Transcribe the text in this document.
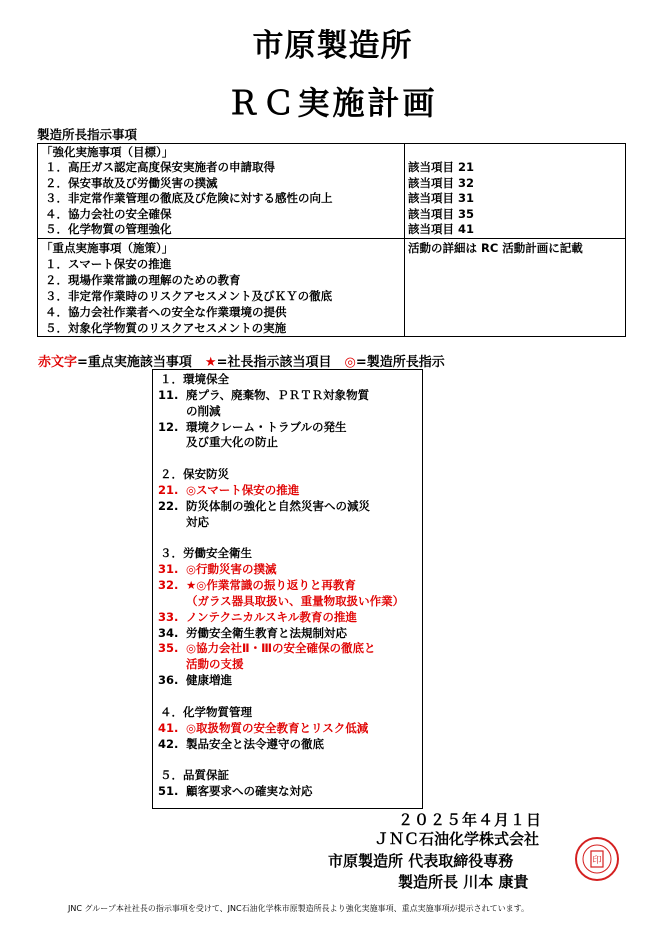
市原製造所
ＲＣ実施計画
製造所長指示事項
「強化実施事項（目標）」
１．高圧ガス認定高度保安実施者の申請取得	該当項目 21
２．保安事故及び労働災害の撲滅	該当項目 32
３．非定常作業管理の徹底及び危険に対する感性の向上	該当項目 31
４．協力会社の安全確保	該当項目 35
５．化学物質の管理強化	該当項目 41
「重点実施事項（施策）」	活動の詳細は RC 活動計画に記載
１．スマート保安の推進
２．現場作業常識の理解のための教育
３．非定常作業時のリスクアセスメント及びＫＹの徹底
４．協力会社作業者への安全な作業環境の提供
５．対象化学物質のリスクアセスメントの実施
赤文字=重点実施該当事項　★=社長指示該当項目　◎=製造所長指示
１．環境保全
11. 廃プラ、廃棄物、ＰＲＴＲ対象物質
の削減
12. 環境クレーム・トラブルの発生
及び重大化の防止
２．保安防災
21. ◎スマート保安の推進
22. 防災体制の強化と自然災害への減災
対応
３．労働安全衛生
31. ◎行動災害の撲滅
32. ★◎作業常識の振り返りと再教育
（ガラス器具取扱い、重量物取扱い作業）
33. ノンテクニカルスキル教育の推進
34. 労働安全衛生教育と法規制対応
35. ◎協力会社Ⅱ・Ⅲの安全確保の徹底と
活動の支援
36. 健康増進
４．化学物質管理
41. ◎取扱物質の安全教育とリスク低減
42. 製品安全と法令遵守の徹底
５．品質保証
51. 顧客要求への確実な対応
２０２５年４月１日
ＪＮＣ石油化学株式会社
市原製造所 代表取締役専務
製造所長 川本 康貴
印
JNC グループ本社社長の指示事項を受けて、JNC石油化学株市原製造所長より強化実施事項、重点実施事項が提示されています。
